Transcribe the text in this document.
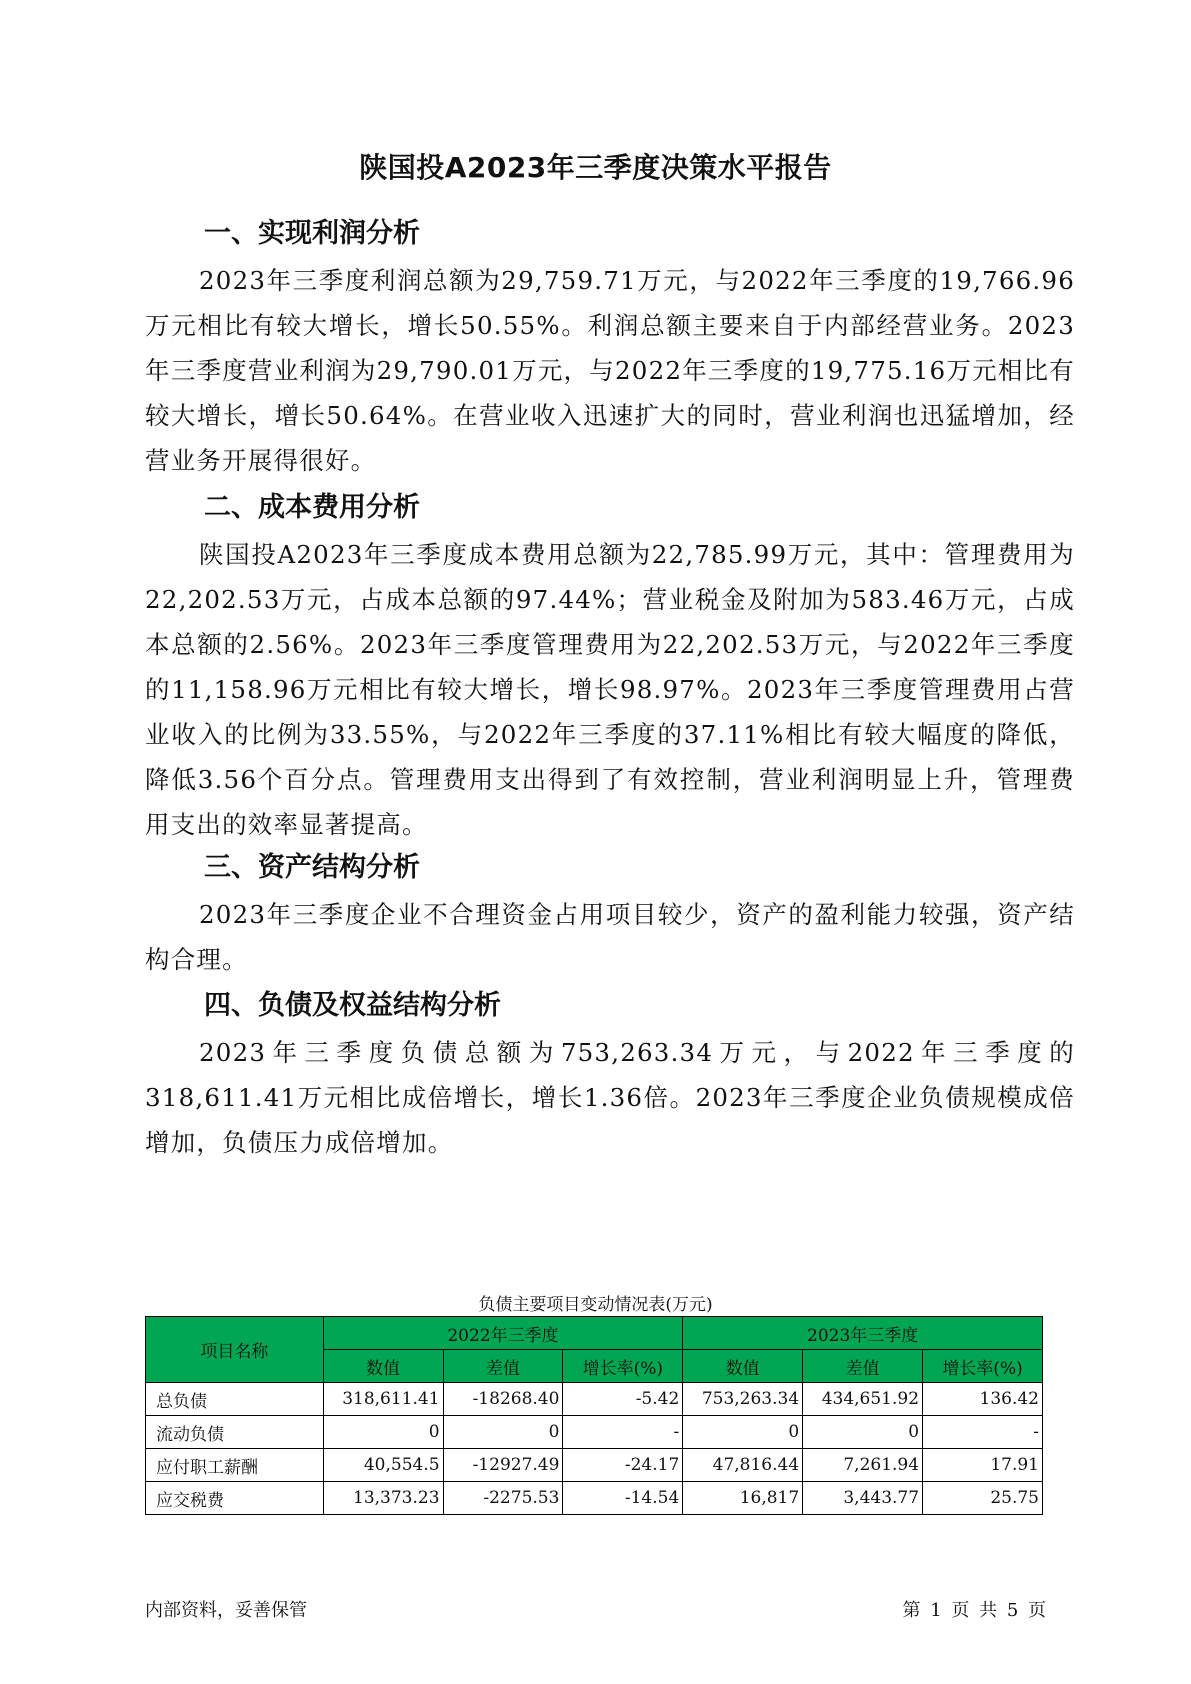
陕国投A2023年三季度决策水平报告
一、实现利润分析
2023年三季度利润总额为29,759.71万元，与2022年三季度的19,766.96万元相比有较大增长，增长50.55%。利润总额主要来自于内部经营业务。2023年三季度营业利润为29,790.01万元，与2022年三季度的19,775.16万元相比有较大增长，增长50.64%。在营业收入迅速扩大的同时，营业利润也迅猛增加，经营业务开展得很好。
二、成本费用分析
陕国投A2023年三季度成本费用总额为22,785.99万元，其中：管理费用为22,202.53万元，占成本总额的97.44%；营业税金及附加为583.46万元，占成本总额的2.56%。2023年三季度管理费用为22,202.53万元，与2022年三季度的11,158.96万元相比有较大增长，增长98.97%。2023年三季度管理费用占营业收入的比例为33.55%，与2022年三季度的37.11%相比有较大幅度的降低，降低3.56个百分点。管理费用支出得到了有效控制，营业利润明显上升，管理费用支出的效率显著提高。
三、资产结构分析
2023年三季度企业不合理资金占用项目较少，资产的盈利能力较强，资产结构合理。
四、负债及权益结构分析
2023年三季度负债总额为753,263.34万元，与2022年三季度的318,611.41万元相比成倍增长，增长1.36倍。2023年三季度企业负债规模成倍增加，负债压力成倍增加。
负债主要项目变动情况表(万元)
项目名称	2022年三季度			2023年三季度		
	数值	差值	增长率(%)	数值	差值	增长率(%)
总负债	318,611.41	-18268.40	-5.42	753,263.34	434,651.92	136.42
流动负债	0	0	-	0	0	-
应付职工薪酬	40,554.5	-12927.49	-24.17	47,816.44	7,261.94	17.91
应交税费	13,373.23	-2275.53	-14.54	16,817	3,443.77	25.75
内部资料，妥善保管	第 1 页 共 5 页
